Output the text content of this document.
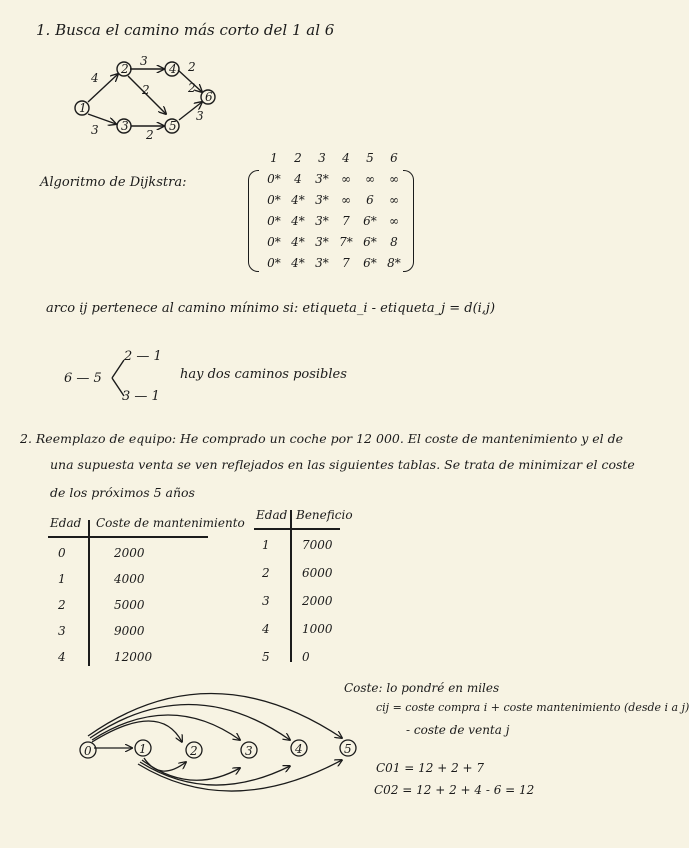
1. Busca el camino más corto del 1 al 6
1
2
3
4
5
6
4
3
3
2
2
2
3
2
Algoritmo de Dijkstra:
1	2	3	4	5	6
0*	4	3*	∞	∞	∞
0* 4* 3*	∞	6	∞
0* 4* 3*	7	6*	∞
0* 4* 3* 7* 6*	8
0* 4* 3*	7	6* 8*
arco ij pertenece al camino mínimo si: etiqueta_i - etiqueta_j = d(i,j)
6 — 5
2 — 1
3 — 1
hay dos caminos posibles
2. Reemplazo de equipo: He comprado un coche por 12 000. El coste de mantenimiento y el de
una supuesta venta se ven reflejados en las siguientes tablas. Se trata de minimizar el coste
de los próximos 5 años
Edad Coste de mantenimiento
0	2000
1	4000
2	5000
3	9000
4	12000
Edad Beneficio
1	7000
2	6000
3	2000
4	1000
5	0
0	1	2	3	4	5
Coste: lo pondré en miles
cij = coste compra i + coste mantenimiento (desde i a j)
- coste de venta j
C01 = 12 + 2 + 7
C02 = 12 + 2 + 4 - 6 = 12
